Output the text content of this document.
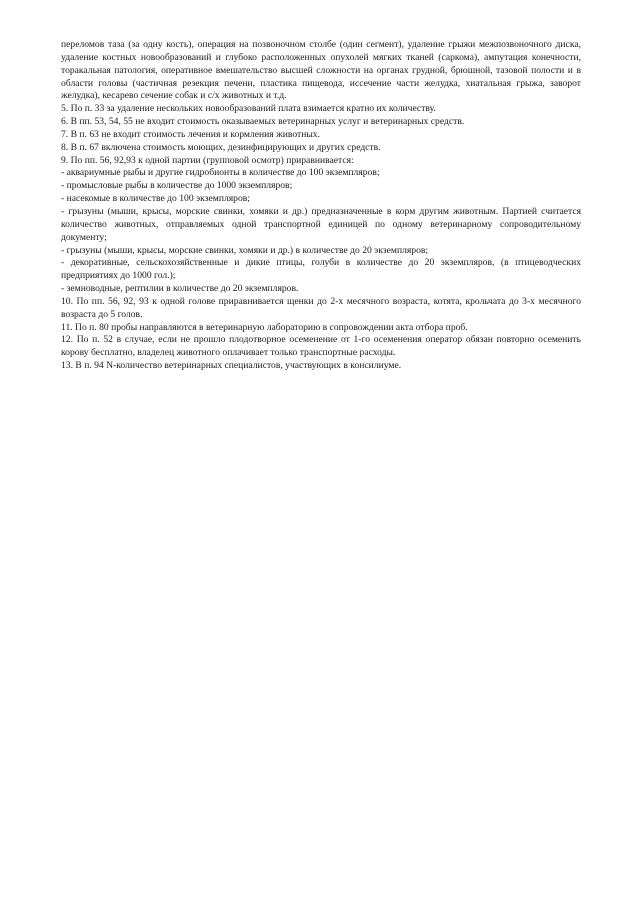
переломов таза (за одну кость), операция на позвоночном столбе (один сегмент), удаление грыжи межпозвоночного диска, удаление костных новообразований и глубоко расположенных опухолей мягких тканей (саркома), ампутация конечности, торакальная патология, оперативное вмешательство высшей сложности на органах грудной, брюшной, тазовой полости и в области головы (частичная резекция печени, пластика пищевода, иссечение части желудка, хиатальная грыжа, заворот желудка), кесарево сечение собак и с/х животных и т.д.
5. По п. 33 за удаление нескольких новообразований плата взимается кратно их количеству.
6. В пп. 53, 54, 55 не входит стоимость оказываемых ветеринарных услуг и ветеринарных средств.
7. В п. 63 не входит стоимость лечения и кормления животных.
8. В п. 67 включена стоимость моющих, дезинфицирующих и других средств.
9. По пп. 56, 92,93 к одной партии (групповой осмотр) приравнивается:
- аквариумные рыбы и другие гидробионты в количестве до 100 экземпляров;
- промысловые рыбы в количестве до 1000 экземпляров;
- насекомые в количестве до 100 экземпляров;
- грызуны (мыши, крысы, морские свинки, хомяки и др.) предназначенные в корм другим животным. Партией считается количество животных, отправляемых одной транспортной единицей по одному ветеринарному сопроводительному документу;
- грызуны (мыши, крысы, морские свинки, хомяки и др.) в количестве до 20 экземпляров;
- декоративные, сельскохозяйственные и дикие птицы, голуби в количестве до 20 экземпляров, (в птицеводческих предприятиях до 1000 гол.);
- земноводные, рептилии в количестве до 20 экземпляров.
10. По пп. 56, 92, 93 к одной голове приравнивается щенки до 2-х месячного возраста, котята, крольчата до 3-х месячного возраста до 5 голов.
11. По п. 80 пробы направляются в ветеринарную лабораторию в сопровождении акта отбора проб.
12. По п. 52 в случае, если не прошло плодотворное осеменение от 1-го осеменения оператор обязан повторно осеменить корову бесплатно, владелец животного оплачивает только транспортные расходы.
13. В п. 94 N-количество ветеринарных специалистов, участвующих в консилиуме.
